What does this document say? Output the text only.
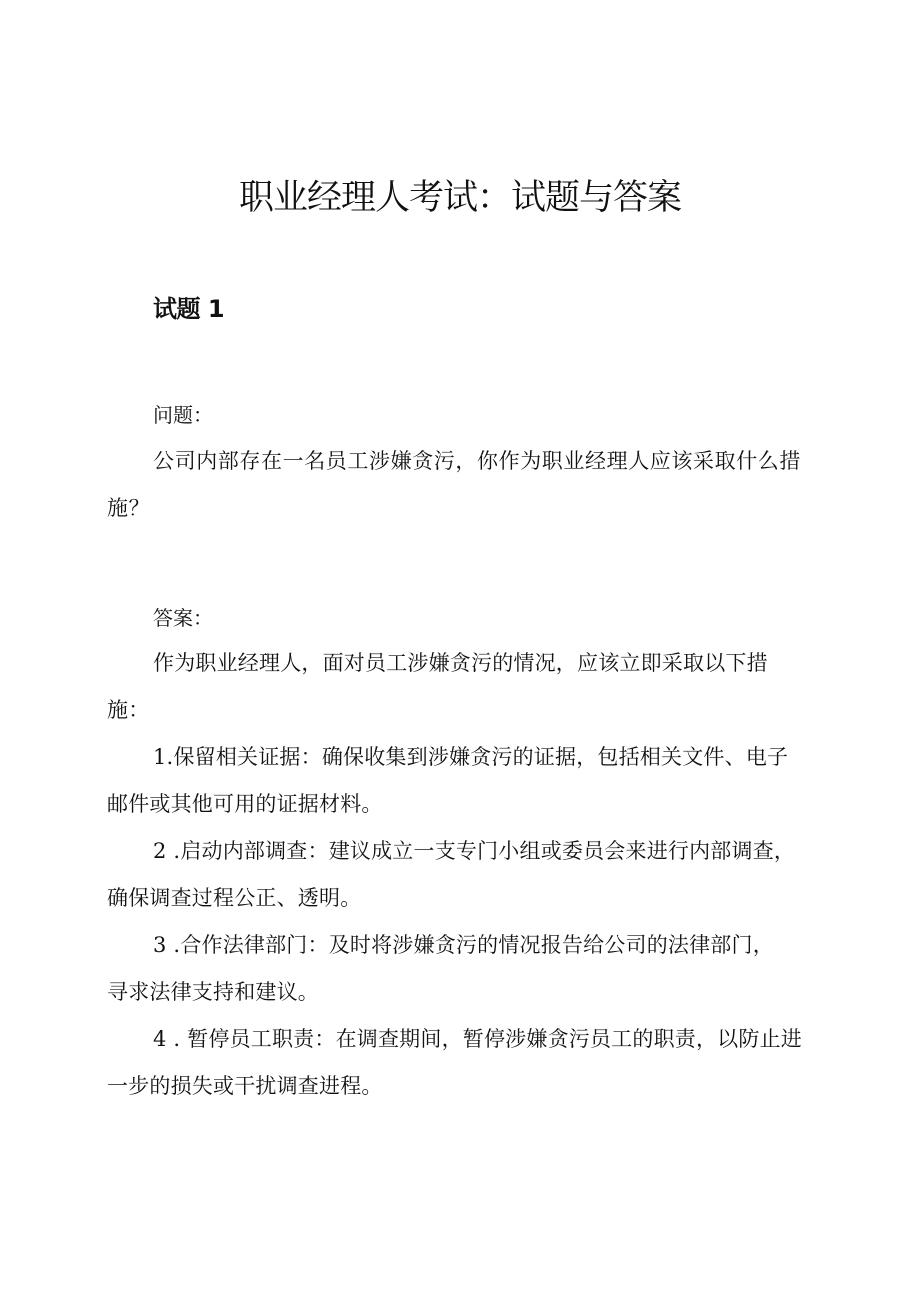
职业经理人考试：试题与答案
试题 1

问题：

公司内部存在一名员工涉嫌贪污，你作为职业经理人应该采取什么措施？

答案：

作为职业经理人，面对员工涉嫌贪污的情况，应该立即采取以下措施：

1.保留相关证据：确保收集到涉嫌贪污的证据，包括相关文件、电子邮件或其他可用的证据材料。

2 .启动内部调查：建议成立一支专门小组或委员会来进行内部调查，确保调查过程公正、透明。

3 .合作法律部门：及时将涉嫌贪污的情况报告给公司的法律部门，寻求法律支持和建议。

4 . 暂停员工职责：在调查期间，暂停涉嫌贪污员工的职责，以防止进一步的损失或干扰调查进程。
